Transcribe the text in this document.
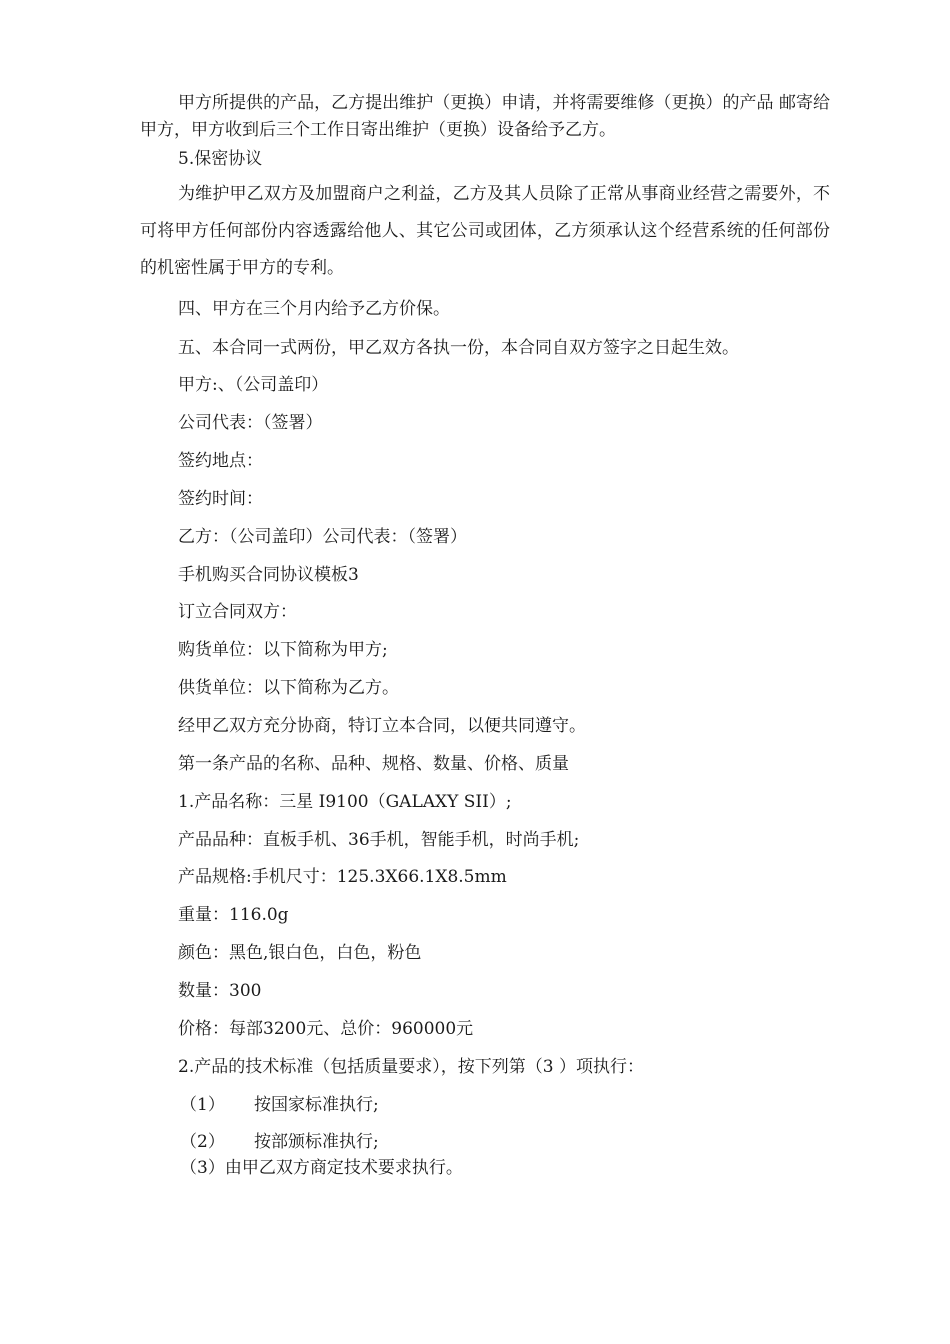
甲方所提供的产品，乙方提出维护（更换）申请，并将需要维修（更换）的产品 邮寄给甲方，甲方收到后三个工作日寄出维护（更换）设备给予乙方。
5.保密协议
为维护甲乙双方及加盟商户之利益，乙方及其人员除了正常从事商业经营之需要外，不可将甲方任何部份内容透露给他人、其它公司或团体，乙方须承认这个经营系统的任何部份的机密性属于甲方的专利。
四、甲方在三个月内给予乙方价保。
五、本合同一式两份，甲乙双方各执一份，本合同自双方签字之日起生效。
甲方:、（公司盖印）
公司代表：（签署）
签约地点：
签约时间：
乙方：（公司盖印）公司代表：（签署）
手机购买合同协议模板3
订立合同双方：
购货单位：以下简称为甲方;
供货单位：以下简称为乙方。
经甲乙双方充分协商，特订立本合同，以便共同遵守。
第一条产品的名称、品种、规格、数量、价格、质量
1.产品名称：三星 I9100（GALAXY SII）;
产品品种：直板手机、36手机，智能手机，时尚手机;
产品规格:手机尺寸：125.3X66.1X8.5mm
重量：116.0g
颜色：黑色,银白色，白色，粉色
数量：300
价格：每部3200元、总价：960000元
2.产品的技术标准（包括质量要求），按下列第（3 ）项执行：
（1） 按国家标准执行;
（2） 按部颁标准执行;
（3）由甲乙双方商定技术要求执行。
